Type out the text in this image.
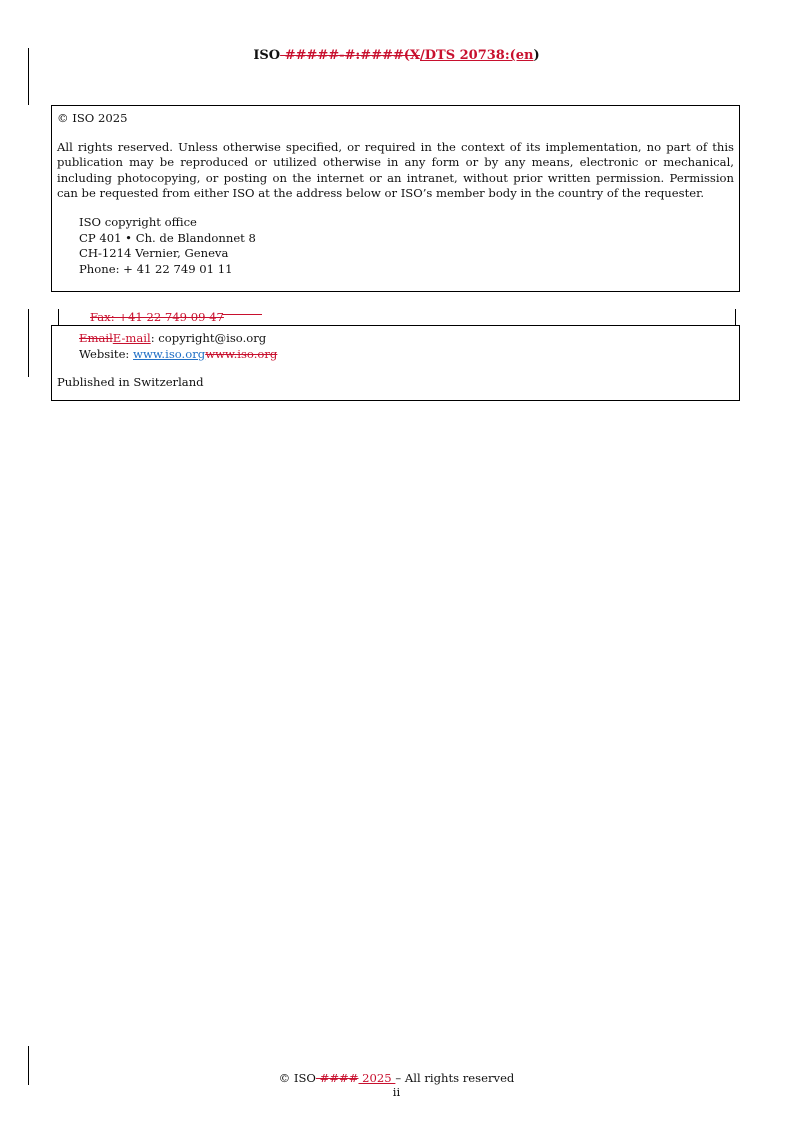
ISO #####-#:####(X/DTS 20738:(en)

© ISO 2025

All rights reserved. Unless otherwise specified, or required in the context of its implementation, no part of this publication may be reproduced or utilized otherwise in any form or by any means, electronic or mechanical, including photocopying, or posting on the internet or an intranet, without prior written permission. Permission can be requested from either ISO at the address below or ISO’s member body in the country of the requester.

ISO copyright office

CP 401 • Ch. de Blandonnet 8

CH-1214 Vernier, Geneva

Phone: + 41 22 749 01 11

Fax: +41 22 749 09 47

EmailE-mail: copyright@iso.org

Website: www.iso.orgwww.iso.org

Published in Switzerland

© ISO #### 2025 – All rights reserved
ii
